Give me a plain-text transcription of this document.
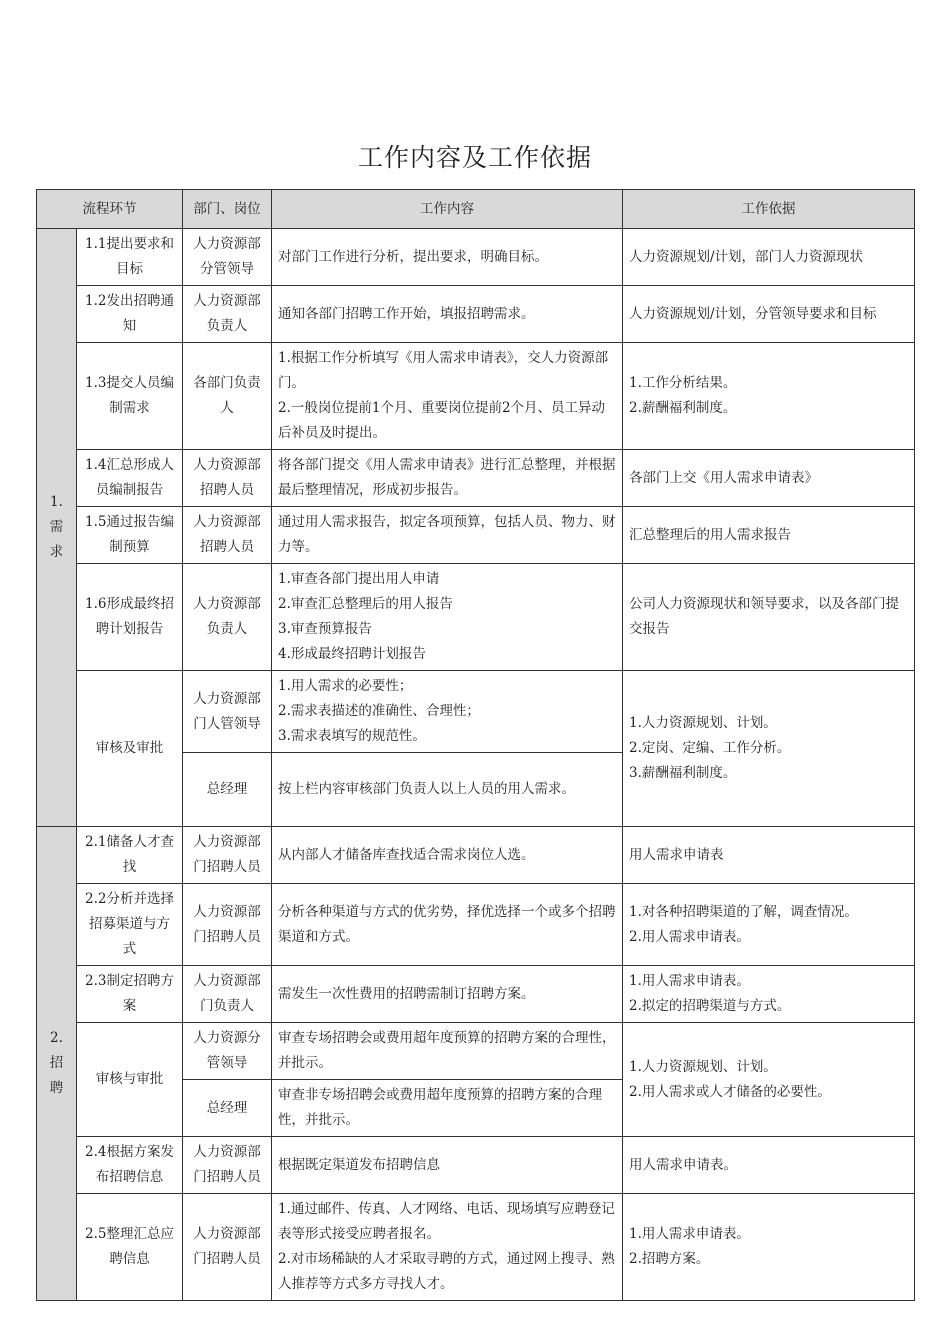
工作内容及工作依据
流程环节		部门、岗位	工作内容	工作依据

1.需求	1.1提出要求和目标	人力资源部分管领导	对部门工作进行分析，提出要求，明确目标。	人力资源规划/计划，部门人力资源现状
	1.2发出招聘通知	人力资源部负责人	通知各部门招聘工作开始，填报招聘需求。	人力资源规划/计划，分管领导要求和目标
	1.3提交人员编制需求	各部门负责人	1.根据工作分析填写《用人需求申请表》，交人力资源部门。
2.一般岗位提前1个月、重要岗位提前2个月、员工异动后补员及时提出。	1.工作分析结果。
2.薪酬福利制度。

	1.4汇总形成人员编制报告	人力资源部招聘人员	将各部门提交《用人需求申请表》进行汇总整理，并根据最后整理情况，形成初步报告。	各部门上交《用人需求申请表》
	1.5通过报告编制预算	人力资源部招聘人员	通过用人需求报告，拟定各项预算，包括人员、物力、财力等。	汇总整理后的用人需求报告
	1.6形成最终招聘计划报告	人力资源部负责人	1.审查各部门提出用人申请
2.审查汇总整理后的用人报告
3.审查预算报告
4.形成最终招聘计划报告	公司人力资源现状和领导要求，以及各部门提交报告
	审核及审批	人力资源部门人管领导	1.用人需求的必要性；
2.需求表描述的准确性、合理性；
3.需求表填写的规范性。	1.人力资源规划、计划。
2.定岗、定编、工作分析。
3.薪酬福利制度。

		总经理	按上栏内容审核部门负责人以上人员的用人需求。	

2.招聘	2.1储备人才查找	人力资源部门招聘人员	从内部人才储备库查找适合需求岗位人选。	用人需求申请表
	2.2分析并选择招募渠道与方式	人力资源部门招聘人员	分析各种渠道与方式的优劣势，择优选择一个或多个招聘渠道和方式。	1.对各种招聘渠道的了解，调查情况。
2.用人需求申请表。

	2.3制定招聘方案	人力资源部门负责人	需发生一次性费用的招聘需制订招聘方案。	1.用人需求申请表。
2.拟定的招聘渠道与方式。

	审核与审批	人力资源分管领导	审查专场招聘会或费用超年度预算的招聘方案的合理性，并批示。	1.人力资源规划、计划。
2.用人需求或人才储备的必要性。

		总经理	审查非专场招聘会或费用超年度预算的招聘方案的合理性，并批示。	
	2.4根据方案发布招聘信息	人力资源部门招聘人员	根据既定渠道发布招聘信息	用人需求申请表。
	2.5整理汇总应聘信息	人力资源部门招聘人员	1.通过邮件、传真、人才网络、电话、现场填写应聘登记表等形式接受应聘者报名。
2.对市场稀缺的人才采取寻聘的方式，通过网上搜寻、熟人推荐等方式多方寻找人才。	1.用人需求申请表。
2.招聘方案。
